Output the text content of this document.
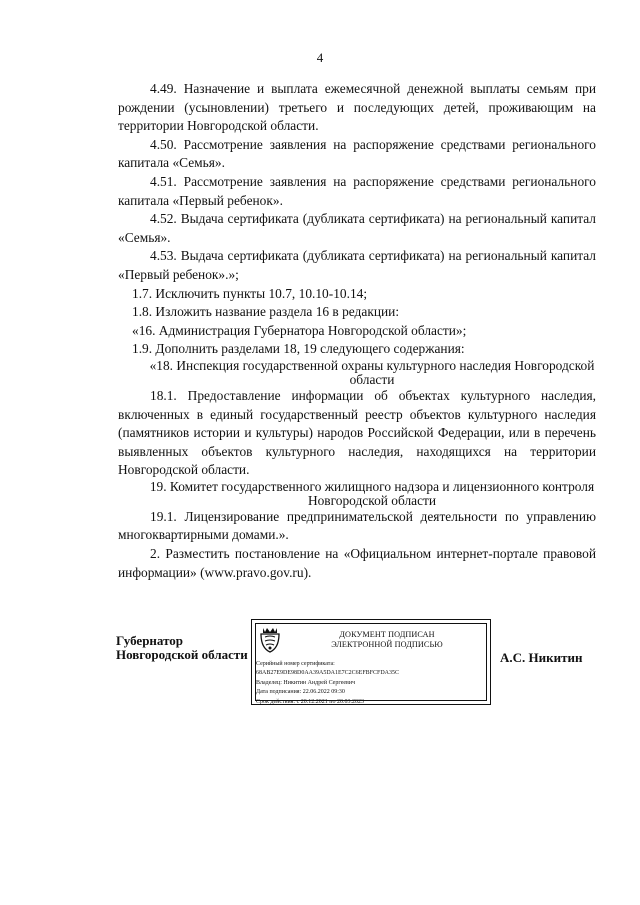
4

4.49. Назначение и выплата ежемесячной денежной выплаты семьям при рождении (усыновлении) третьего и последующих детей, проживающим на территории Новгородской области.

4.50. Рассмотрение заявления на распоряжение средствами регионального капитала «Семья».

4.51. Рассмотрение заявления на распоряжение средствами регионального капитала «Первый ребенок».

4.52. Выдача сертификата (дубликата сертификата) на региональный капитал «Семья».

4.53. Выдача сертификата (дубликата сертификата) на региональный капитал «Первый ребенок».»;

1.7. Исключить пункты 10.7, 10.10-10.14;

1.8. Изложить название раздела 16 в редакции:

«16. Администрация Губернатора Новгородской области»;

1.9. Дополнить разделами 18, 19 следующего содержания:

«18. Инспекция государственной охраны культурного наследия Новгородской области

18.1. Предоставление информации об объектах культурного наследия, включенных в единый государственный реестр объектов культурного наследия (памятников истории и культуры) народов Российской Федерации, или в перечень выявленных объектов культурного наследия, находящихся на территории Новгородской области.

19. Комитет государственного жилищного надзора и лицензионного контроля Новгородской области

19.1. Лицензирование предпринимательской деятельности по управлению многоквартирными домами.».

2. Разместить постановление на «Официальном интернет-портале правовой информации» (www.pravo.gov.ru).

Губернатор
Новгородской области
ДОКУМЕНТ ПОДПИСАН
ЭЛЕКТРОННОЙ ПОДПИСЬЮ
Серийный номер сертификата:
68AB27E9DE98D0AA39A5DA1E7C2C6EFBFCFDA35C
Владелец: Никитин Андрей Сергеевич
Дата подписания: 22.06.2022 09:30
Срок действия: с 20.12.2021 по 20.03.2023
А.С. Никитин
